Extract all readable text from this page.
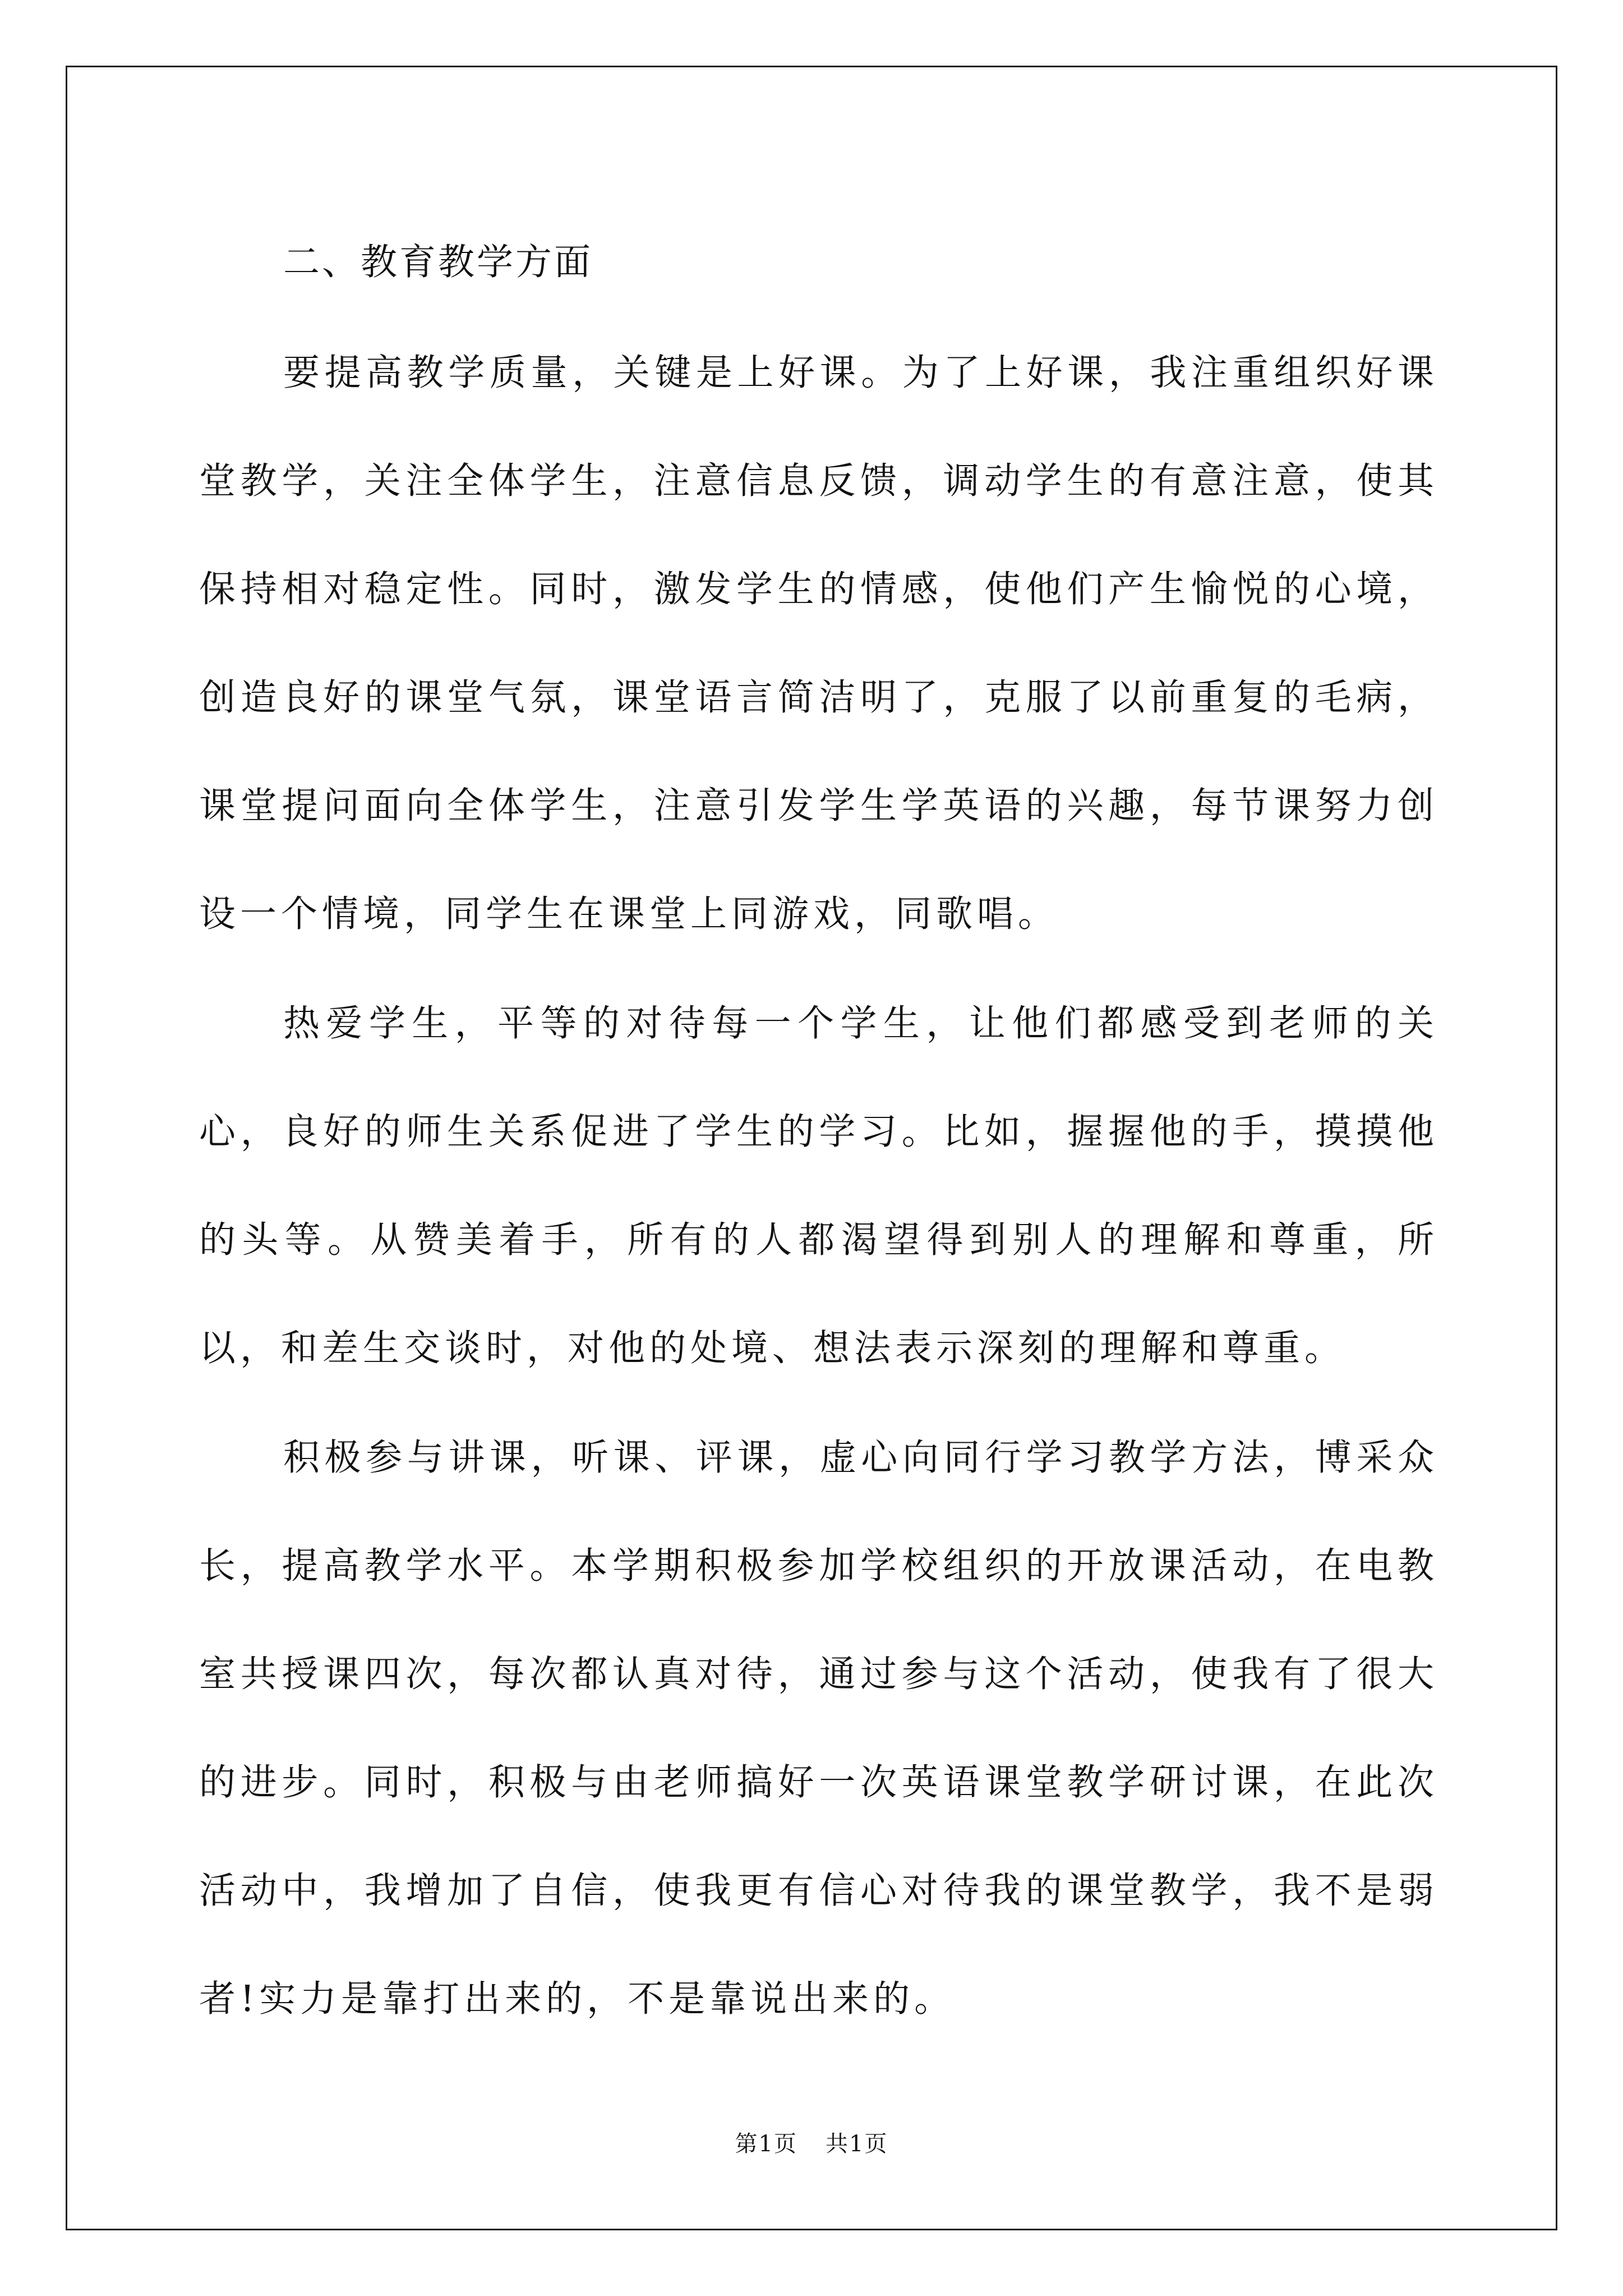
二、教育教学方面

要提高教学质量，关键是上好课。为了上好课，我注重组织好课堂教学，关注全体学生，注意信息反馈，调动学生的有意注意，使其保持相对稳定性。同时，激发学生的情感，使他们产生愉悦的心境，创造良好的课堂气氛，课堂语言简洁明了，克服了以前重复的毛病，课堂提问面向全体学生，注意引发学生学英语的兴趣，每节课努力创设一个情境，同学生在课堂上同游戏，同歌唱。

热爱学生，平等的对待每一个学生，让他们都感受到老师的关心，良好的师生关系促进了学生的学习。比如，握握他的手，摸摸他的头等。从赞美着手，所有的人都渴望得到别人的理解和尊重，所以，和差生交谈时，对他的处境、想法表示深刻的理解和尊重。

积极参与讲课，听课、评课，虚心向同行学习教学方法，博采众长，提高教学水平。本学期积极参加学校组织的开放课活动，在电教室共授课四次，每次都认真对待，通过参与这个活动，使我有了很大的进步。同时，积极与由老师搞好一次英语课堂教学研讨课，在此次活动中，我增加了自信，使我更有信心对待我的课堂教学，我不是弱者!实力是靠打出来的，不是靠说出来的。

第1页 共1页
